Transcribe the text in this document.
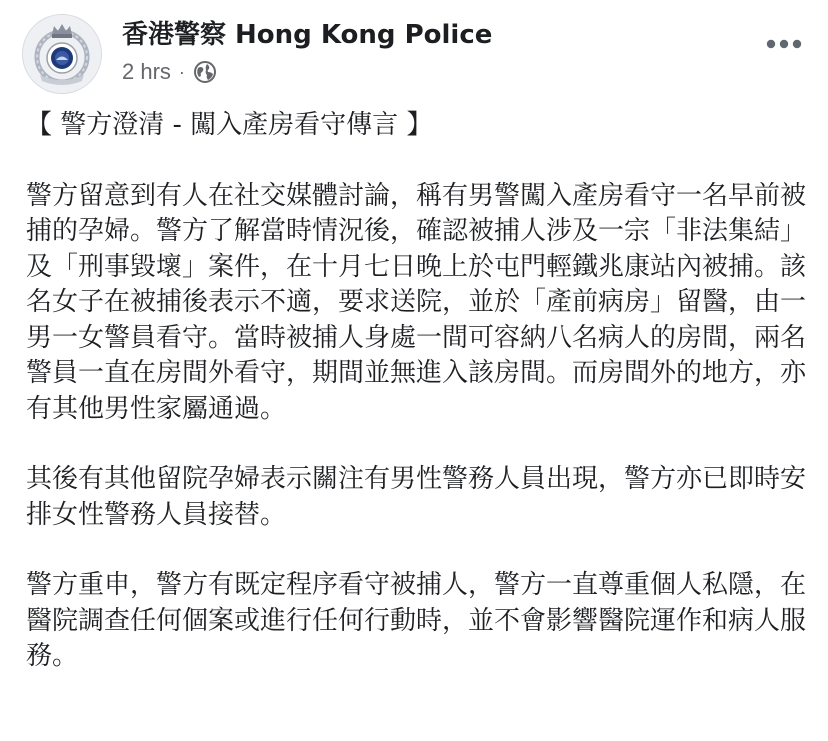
香港警察 Hong Kong Police
2 hrs ·

【 警方澄清 - 闖入產房看守傳言 】

警方留意到有人在社交媒體討論，稱有男警闖入產房看守一名早前被捕的孕婦。警方了解當時情況後，確認被捕人涉及一宗「非法集結」及「刑事毀壞」案件，在十月七日晚上於屯門輕鐵兆康站內被捕。該名女子在被捕後表示不適，要求送院，並於「產前病房」留醫，由一男一女警員看守。當時被捕人身處一間可容納八名病人的房間，兩名警員一直在房間外看守，期間並無進入該房間。而房間外的地方，亦有其他男性家屬通過。

其後有其他留院孕婦表示關注有男性警務人員出現，警方亦已即時安排女性警務人員接替。

警方重申，警方有既定程序看守被捕人，警方一直尊重個人私隱，在醫院調查任何個案或進行任何行動時，並不會影響醫院運作和病人服務。
